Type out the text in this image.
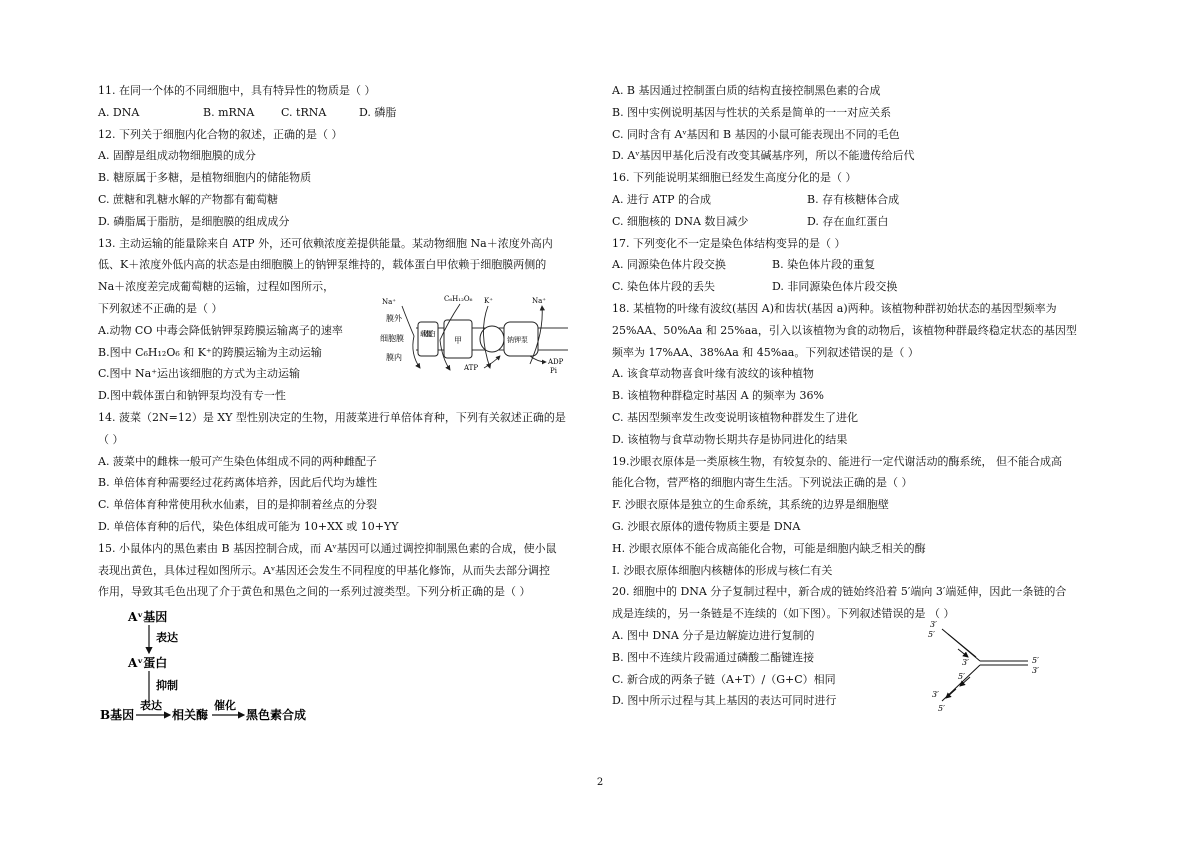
11. 在同一个体的不同细胞中，具有特异性的物质是（ ）
A. DNA	B. mRNA	C. tRNA	D. 磷脂
12. 下列关于细胞内化合物的叙述，正确的是（ ）
A. 固醇是组成动物细胞膜的成分
B. 糖原属于多糖，是植物细胞内的储能物质
C. 蔗糖和乳糖水解的产物都有葡萄糖
D. 磷脂属于脂肪，是细胞膜的组成成分
13. 主动运输的能量除来自 ATP 外，还可依赖浓度差提供能量。某动物细胞 Na＋浓度外高内
低、K＋浓度外低内高的状态是由细胞膜上的钠钾泵维持的，载体蛋白甲依赖于细胞膜两侧的
Na＋浓度差完成葡萄糖的运输，过程如图所示，
下列叙述不正确的是（ ）
A.动物 CO 中毒会降低钠钾泵跨膜运输离子的速率
B.图中 C₆H₁₂O₆ 和 K⁺的跨膜运输为主动运输
C.图中 Na⁺运出该细胞的方式为主动运输
D.图中载体蛋白和钠钾泵均没有专一性
膜外
细胞膜
膜内
载体蛋白
甲	钠钾泵
Na⁺	C₆H₁₂O₆ K⁺	Na⁺
ATP
ADP
Pi
14. 菠菜（2N=12）是 XY 型性别决定的生物，用菠菜进行单倍体育种，下列有关叙述正确的是
（ ）
A. 菠菜中的雌株一般可产生染色体组成不同的两种雌配子
B. 单倍体育种需要经过花药离体培养，因此后代均为雄性
C. 单倍体育种常使用秋水仙素，目的是抑制着丝点的分裂
D. 单倍体育种的后代，染色体组成可能为 10+XX 或 10+YY
15. 小鼠体内的黑色素由 B 基因控制合成，而 Aᵛ基因可以通过调控抑制黑色素的合成，使小鼠
表现出黄色，具体过程如图所示。Aᵛ基因还会发生不同程度的甲基化修饰，从而失去部分调控
作用，导致其毛色出现了介于黄色和黑色之间的一系列过渡类型。下列分析正确的是（ ）
Aᵛ基因
表达
Aᵛ蛋白
抑制
B基因
表达
相关酶
催化
黑色素合成
A. B 基因通过控制蛋白质的结构直接控制黑色素的合成
B. 图中实例说明基因与性状的关系是简单的一一对应关系
C. 同时含有 Aᵛ基因和 B 基因的小鼠可能表现出不同的毛色
D. Aᵛ基因甲基化后没有改变其碱基序列，所以不能遗传给后代
16. 下列能说明某细胞已经发生高度分化的是（ ）
A. 进行 ATP 的合成	B. 存有核糖体合成
C. 细胞核的 DNA 数目减少	D. 存在血红蛋白
17. 下列变化不一定是染色体结构变异的是（ ）
A. 同源染色体片段交换	B. 染色体片段的重复
C. 染色体片段的丢失	D. 非同源染色体片段交换
18. 某植物的叶缘有波纹(基因 A)和齿状(基因 a)两种。该植物种群初始状态的基因型频率为
25%AA、50%Aa 和 25%aa，引入以该植物为食的动物后，该植物种群最终稳定状态的基因型
频率为 17%AA、38%Aa 和 45%aa。下列叙述错误的是（ ）
A. 该食草动物喜食叶缘有波纹的该种植物
B. 该植物种群稳定时基因 A 的频率为 36%
C. 基因型频率发生改变说明该植物种群发生了进化
D. 该植物与食草动物长期共存是协同进化的结果
19.沙眼衣原体是一类原核生物，有较复杂的、能进行一定代谢活动的酶系统， 但不能合成高
能化合物，营严格的细胞内寄生生活。下列说法正确的是（ ）
F. 沙眼衣原体是独立的生命系统，其系统的边界是细胞壁
G. 沙眼衣原体的遗传物质主要是 DNA
H. 沙眼衣原体不能合成高能化合物，可能是细胞内缺乏相关的酶
I. 沙眼衣原体细胞内核糖体的形成与核仁有关
20. 细胞中的 DNA 分子复制过程中，新合成的链始终沿着 5′端向 3′端延伸，因此一条链的合
成是连续的，另一条链是不连续的（如下图）。下列叙述错误的是 （ ）
A. 图中 DNA 分子是边解旋边进行复制的
B. 图中不连续片段需通过磷酸二酯键连接
C. 新合成的两条子链（A+T）/（G+C）相同
D. 图中所示过程与其上基因的表达可同时进行
3′
5′
3′
5′
5′
3′
3′
5′
2
